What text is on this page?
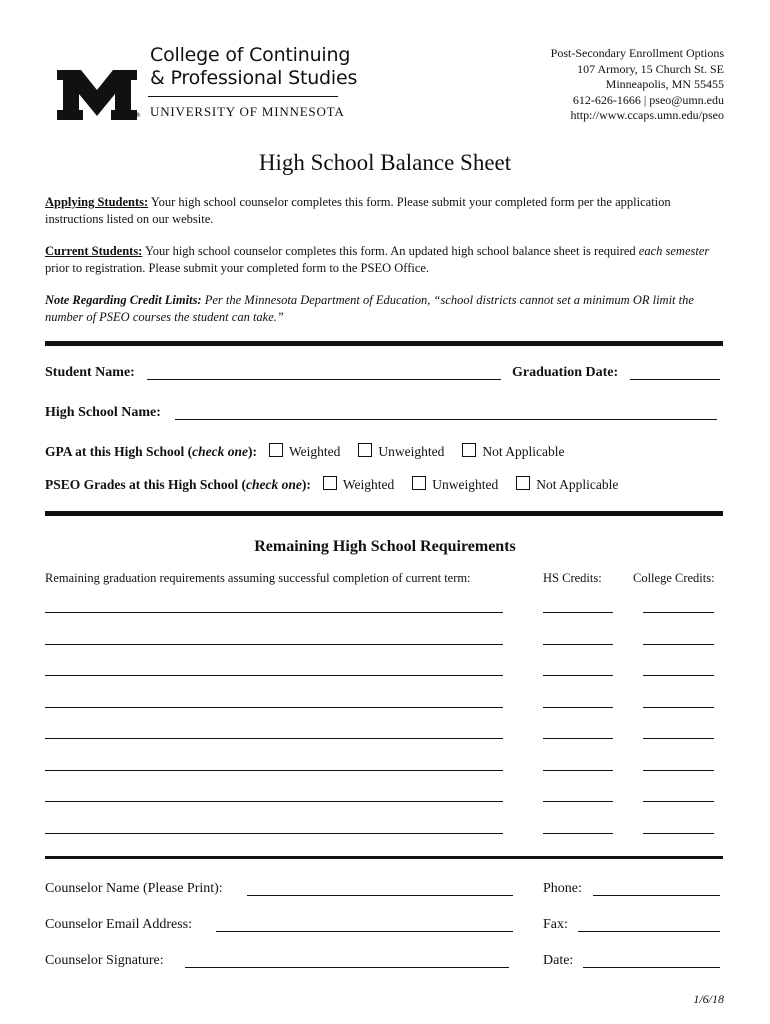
®
College of Continuing
& Professional Studies
UNIVERSITY OF MINNESOTA
Post-Secondary Enrollment Options
107 Armory, 15 Church St. SE
Minneapolis, MN 55455
612-626-1666 | pseo@umn.edu
http://www.ccaps.umn.edu/pseo
High School Balance Sheet
Applying Students: Your high school counselor completes this form. Please submit your completed form per the application instructions listed on our website.
Current Students: Your high school counselor completes this form. An updated high school balance sheet is required each semester prior to registration. Please submit your completed form to the PSEO Office.
Note Regarding Credit Limits: Per the Minnesota Department of Education, “school districts cannot set a minimum OR limit the number of PSEO courses the student can take.”
Student Name:	Graduation Date:
High School Name:
GPA at this High School (check one): Weighted	Unweighted	Not Applicable
PSEO Grades at this High School (check one): Weighted	Unweighted	Not Applicable
Remaining High School Requirements
Remaining graduation requirements assuming successful completion of current term:	HS Credits:	College Credits:
Counselor Name (Please Print):	Phone:
Counselor Email Address:	Fax:
Counselor Signature:	Date:
1/6/18
